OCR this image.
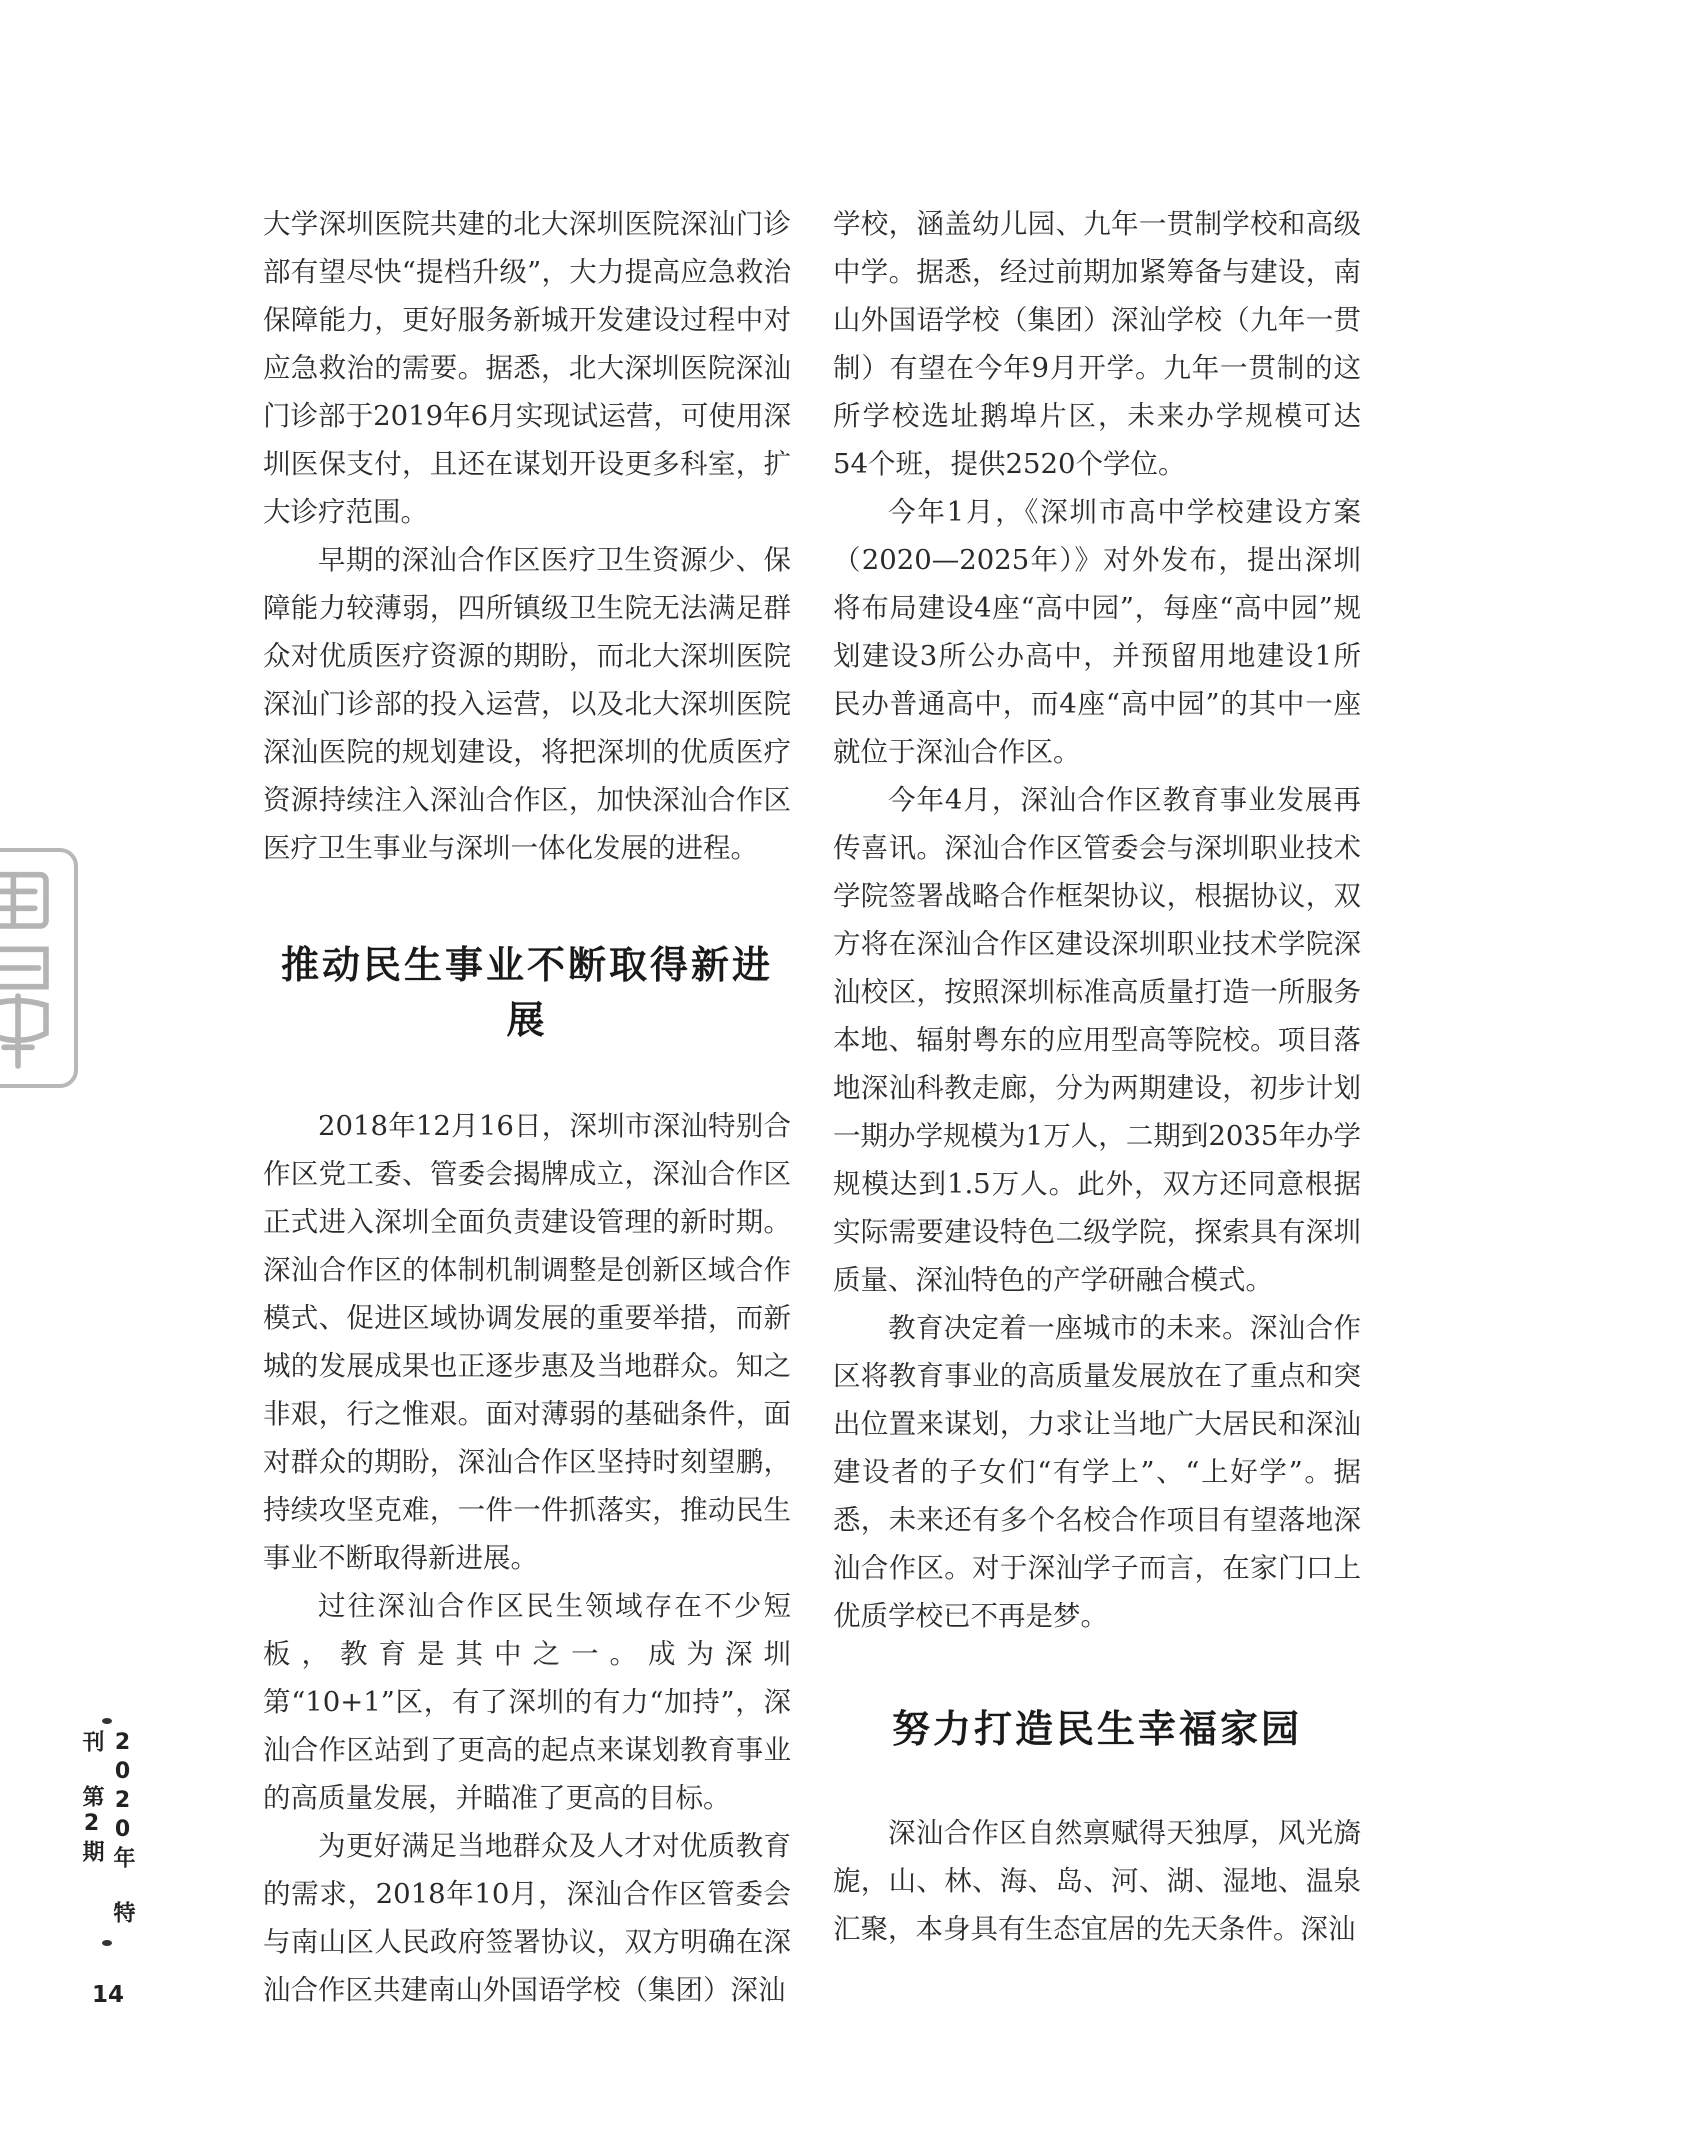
大学深圳医院共建的北大深圳医院深汕门诊部有望尽快“提档升级”，大力提高应急救治保障能力，更好服务新城开发建设过程中对应急救治的需要。据悉，北大深圳医院深汕门诊部于2019年6月实现试运营，可使用深圳医保支付，且还在谋划开设更多科室，扩大诊疗范围。

早期的深汕合作区医疗卫生资源少、保障能力较薄弱，四所镇级卫生院无法满足群众对优质医疗资源的期盼，而北大深圳医院深汕门诊部的投入运营，以及北大深圳医院深汕医院的规划建设，将把深圳的优质医疗资源持续注入深汕合作区，加快深汕合作区医疗卫生事业与深圳一体化发展的进程。

推动民生事业不断取得新进展

2018年12月16日，深圳市深汕特别合作区党工委、管委会揭牌成立，深汕合作区正式进入深圳全面负责建设管理的新时期。深汕合作区的体制机制调整是创新区域合作模式、促进区域协调发展的重要举措，而新城的发展成果也正逐步惠及当地群众。知之非艰，行之惟艰。面对薄弱的基础条件，面对群众的期盼，深汕合作区坚持时刻望鹏，持续攻坚克难，一件一件抓落实，推动民生事业不断取得新进展。

过往深汕合作区民生领域存在不少短板，教育是其中之一。成为深圳第“10+1”区，有了深圳的有力“加持”，深汕合作区站到了更高的起点来谋划教育事业的高质量发展，并瞄准了更高的目标。

为更好满足当地群众及人才对优质教育的需求，2018年10月，深汕合作区管委会与南山区人民政府签署协议，双方明确在深汕合作区共建南山外国语学校（集团）深汕

学校，涵盖幼儿园、九年一贯制学校和高级中学。据悉，经过前期加紧筹备与建设，南山外国语学校（集团）深汕学校（九年一贯制）有望在今年9月开学。九年一贯制的这所学校选址鹅埠片区，未来办学规模可达54个班，提供2520个学位。

今年1月，《深圳市高中学校建设方案（2020—2025年）》对外发布，提出深圳将布局建设4座“高中园”，每座“高中园”规划建设3所公办高中，并预留用地建设1所民办普通高中，而4座“高中园”的其中一座就位于深汕合作区。

今年4月，深汕合作区教育事业发展再传喜讯。深汕合作区管委会与深圳职业技术学院签署战略合作框架协议，根据协议，双方将在深汕合作区建设深圳职业技术学院深汕校区，按照深圳标准高质量打造一所服务本地、辐射粤东的应用型高等院校。项目落地深汕科教走廊，分为两期建设，初步计划一期办学规模为1万人，二期到2035年办学规模达到1.5万人。此外，双方还同意根据实际需要建设特色二级学院，探索具有深圳质量、深汕特色的产学研融合模式。

教育决定着一座城市的未来。深汕合作区将教育事业的高质量发展放在了重点和突出位置来谋划，力求让当地广大居民和深汕建设者的子女们“有学上”、“上好学”。据悉，未来还有多个名校合作项目有望落地深汕合作区。对于深汕学子而言，在家门口上优质学校已不再是梦。

努力打造民生幸福家园

深汕合作区自然禀赋得天独厚，风光旖旎，山、林、海、岛、河、湖、湿地、温泉汇聚，本身具有生态宜居的先天条件。深汕

2020年 特刊 第2期
14
